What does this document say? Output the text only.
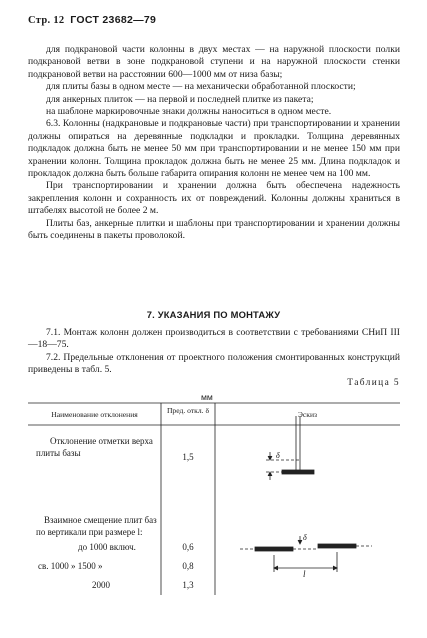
Стр. 12 ГОСТ 23682—79

для подкрановой части колонны в двух местах — на наружной плоскости полки подкрановой ветви в зоне подкрановой ступени и на наружной плоскости стенки подкрановой ветви на расстоянии 600—1000 мм от низа базы;

для плиты базы в одном месте — на механически обработанной плоскости;

для анкерных плиток — на первой и последней плитке из пакета;

на шаблоне маркировочные знаки должны наноситься в одном месте.

6.3. Колонны (надкрановые и подкрановые части) при транспортировании и хранении должны опираться на деревянные подкладки и прокладки. Толщина деревянных подкладок должна быть не менее 50 мм при транспортировании и не менее 150 мм при хранении колонн. Толщина прокладок должна быть не менее 25 мм. Длина подкладок и прокладок должна быть больше габарита опирания колонн не менее чем на 100 мм.

При транспортировании и хранении должна быть обеспечена надежность закрепления колонн и сохранность их от повреждений. Колонны должны храниться в штабелях высотой не более 2 м.

Плиты баз, анкерные плитки и шаблоны при транспортировании и хранении должны быть соединены в пакеты проволокой.

7. УКАЗАНИЯ ПО МОНТАЖУ

7.1. Монтаж колонн должен производиться в соответствии с требованиями СНиП III—18—75.

7.2. Предельные отклонения от проектного положения смонтированных конструкций приведены в табл. 5.

Таблица 5
мм
Наименование отклонения	Пред. откл. δ	Эскиз
Отклонение отметки верха плиты базы	1,5	δ
Взаимное смещение плит баз по вертикали при размере l:
до 1000 включ.	0,6
св. 1000 » 1500 »	0,8
2000	1,3
δ
l
